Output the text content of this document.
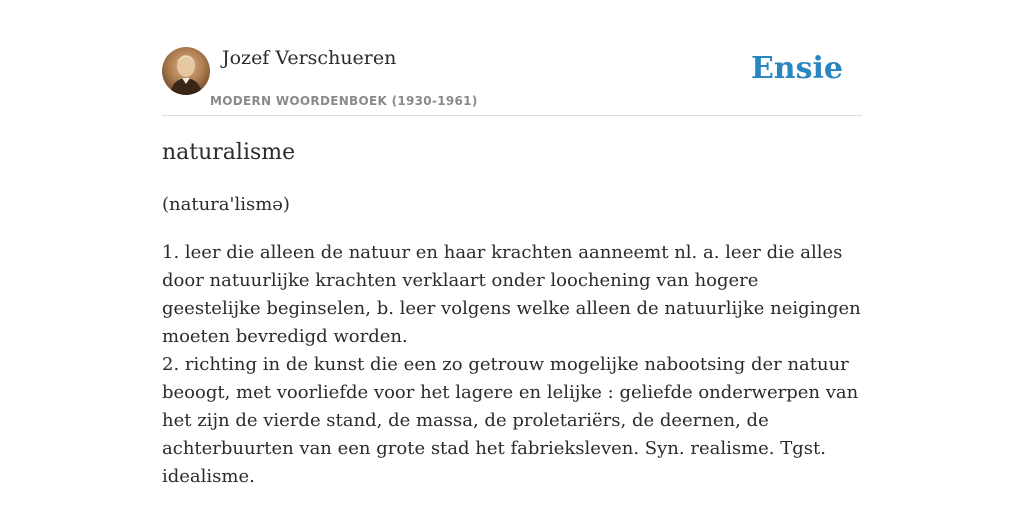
Jozef Verschueren
MODERN WOORDENBOEK (1930-1961)
Ensie
naturalisme
(natura'lismə)

1. leer die alleen de natuur en haar krachten aanneemt nl. a. leer die alles door natuurlijke krachten verklaart onder loochening van hogere geestelijke beginselen, b. leer volgens welke alleen de natuurlijke neigingen moeten bevredigd worden.

2. richting in de kunst die een zo getrouw mogelijke nabootsing der natuur beoogt, met voorliefde voor het lagere en lelijke : geliefde onderwerpen van het zijn de vierde stand, de massa, de proletariërs, de deernen, de achterbuurten van een grote stad het fabrieksleven. Syn. realisme. Tgst. idealisme.
